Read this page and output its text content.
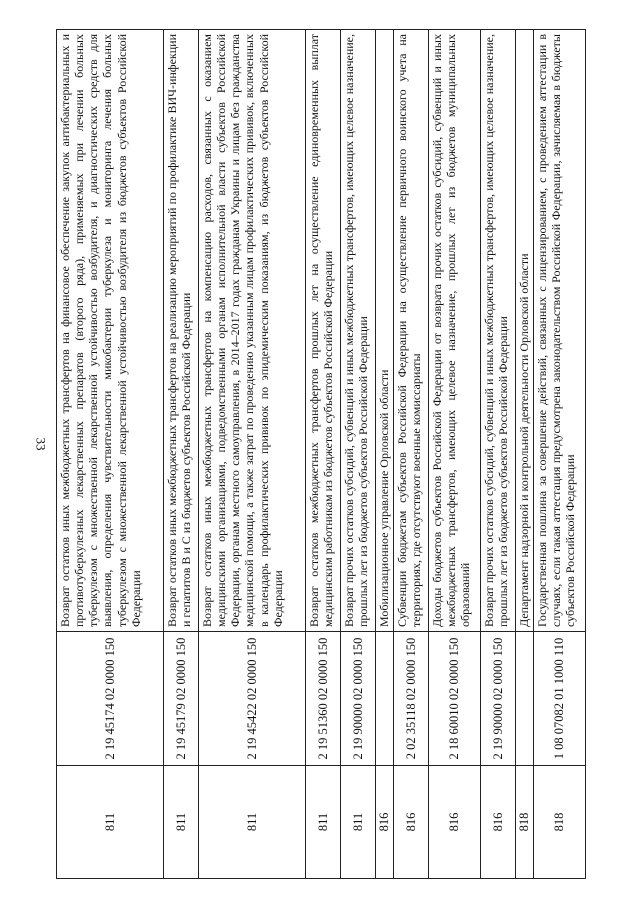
33
811	2 19 45174 02 0000 150	Возврат остатков иных межбюджетных трансфертов на финансовое обеспечение закупок антибактериальных и противотуберкулезных лекарственных препаратов (второго ряда), применяемых при лечении больных туберкулезом с множественной лекарственной устойчивостью возбудителя, и диагностических средств для выявления, определения чувствительности микобактерии туберкулеза и мониторинга лечения больных туберкулезом с множественной лекарственной устойчивостью возбудителя из бюджетов субъектов Российской Федерации
811	2 19 45179 02 0000 150	Возврат остатков иных межбюджетных трансфертов на реализацию мероприятий по профилактике ВИЧ-инфекции и гепатитов В и С из бюджетов субъектов Российской Федерации
811	2 19 45422 02 0000 150	Возврат остатков иных межбюджетных трансфертов на компенсацию расходов, связанных с оказанием медицинскими организациями, подведомственными органам исполнительной власти субъектов Российской Федерации, органам местного самоуправления, в 2014–2017 годах гражданам Украины и лицам без гражданства медицинской помощи, а также затрат по проведению указанным лицам профилактических прививок, включенных в календарь профилактических прививок по эпидемическим показаниям, из бюджетов субъектов Российской Федерации
811	2 19 51360 02 0000 150	Возврат остатков межбюджетных трансфертов прошлых лет на осуществление единовременных выплат медицинским работникам из бюджетов субъектов Российской Федерации
811	2 19 90000 02 0000 150	Возврат прочих остатков субсидий, субвенций и иных межбюджетных трансфертов, имеющих целевое назначение, прошлых лет из бюджетов субъектов Российской Федерации
816		Мобилизационное управление Орловской области
816	2 02 35118 02 0000 150	Субвенции бюджетам субъектов Российской Федерации на осуществление первичного воинского учета на территориях, где отсутствуют военные комиссариаты
816	2 18 60010 02 0000 150	Доходы бюджетов субъектов Российской Федерации от возврата прочих остатков субсидий, субвенций и иных межбюджетных трансфертов, имеющих целевое назначение, прошлых лет из бюджетов муниципальных образований
816	2 19 90000 02 0000 150	Возврат прочих остатков субсидий, субвенций и иных межбюджетных трансфертов, имеющих целевое назначение, прошлых лет из бюджетов субъектов Российской Федерации
818		Департамент надзорной и контрольной деятельности Орловской области
818	1 08 07082 01 1000 110	Государственная пошлина за совершение действий, связанных с лицензированием, с проведением аттестации в случаях, если такая аттестация предусмотрена законодательством Российской Федерации, зачисляемая в бюджеты субъектов Российской Федерации
